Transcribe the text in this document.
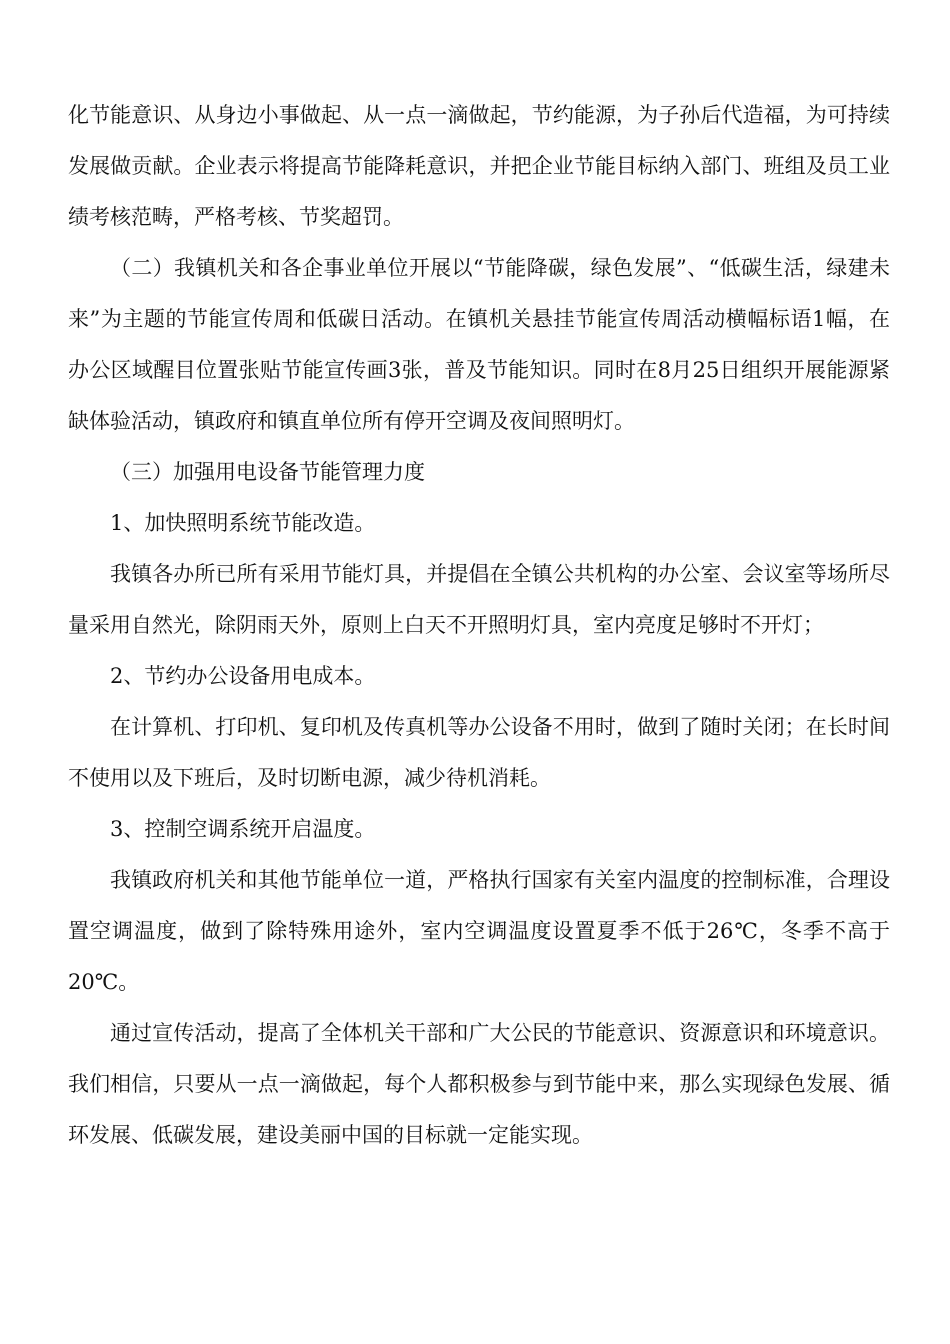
化节能意识、从身边小事做起、从一点一滴做起，节约能源，为子孙后代造福，为可持续发展做贡献。企业表示将提高节能降耗意识，并把企业节能目标纳入部门、班组及员工业绩考核范畴，严格考核、节奖超罚。

（二）我镇机关和各企事业单位开展以“节能降碳，绿色发展”、“低碳生活，绿建未来”为主题的节能宣传周和低碳日活动。在镇机关悬挂节能宣传周活动横幅标语1幅，在办公区域醒目位置张贴节能宣传画3张，普及节能知识。同时在8月25日组织开展能源紧缺体验活动，镇政府和镇直单位所有停开空调及夜间照明灯。

（三）加强用电设备节能管理力度

1、加快照明系统节能改造。

我镇各办所已所有采用节能灯具，并提倡在全镇公共机构的办公室、会议室等场所尽量采用自然光，除阴雨天外，原则上白天不开照明灯具，室内亮度足够时不开灯；

2、节约办公设备用电成本。

在计算机、打印机、复印机及传真机等办公设备不用时，做到了随时关闭；在长时间不使用以及下班后，及时切断电源，减少待机消耗。

3、控制空调系统开启温度。

我镇政府机关和其他节能单位一道，严格执行国家有关室内温度的控制标准，合理设置空调温度，做到了除特殊用途外，室内空调温度设置夏季不低于26℃，冬季不高于20℃。

通过宣传活动，提高了全体机关干部和广大公民的节能意识、资源意识和环境意识。我们相信，只要从一点一滴做起，每个人都积极参与到节能中来，那么实现绿色发展、循环发展、低碳发展，建设美丽中国的目标就一定能实现。
